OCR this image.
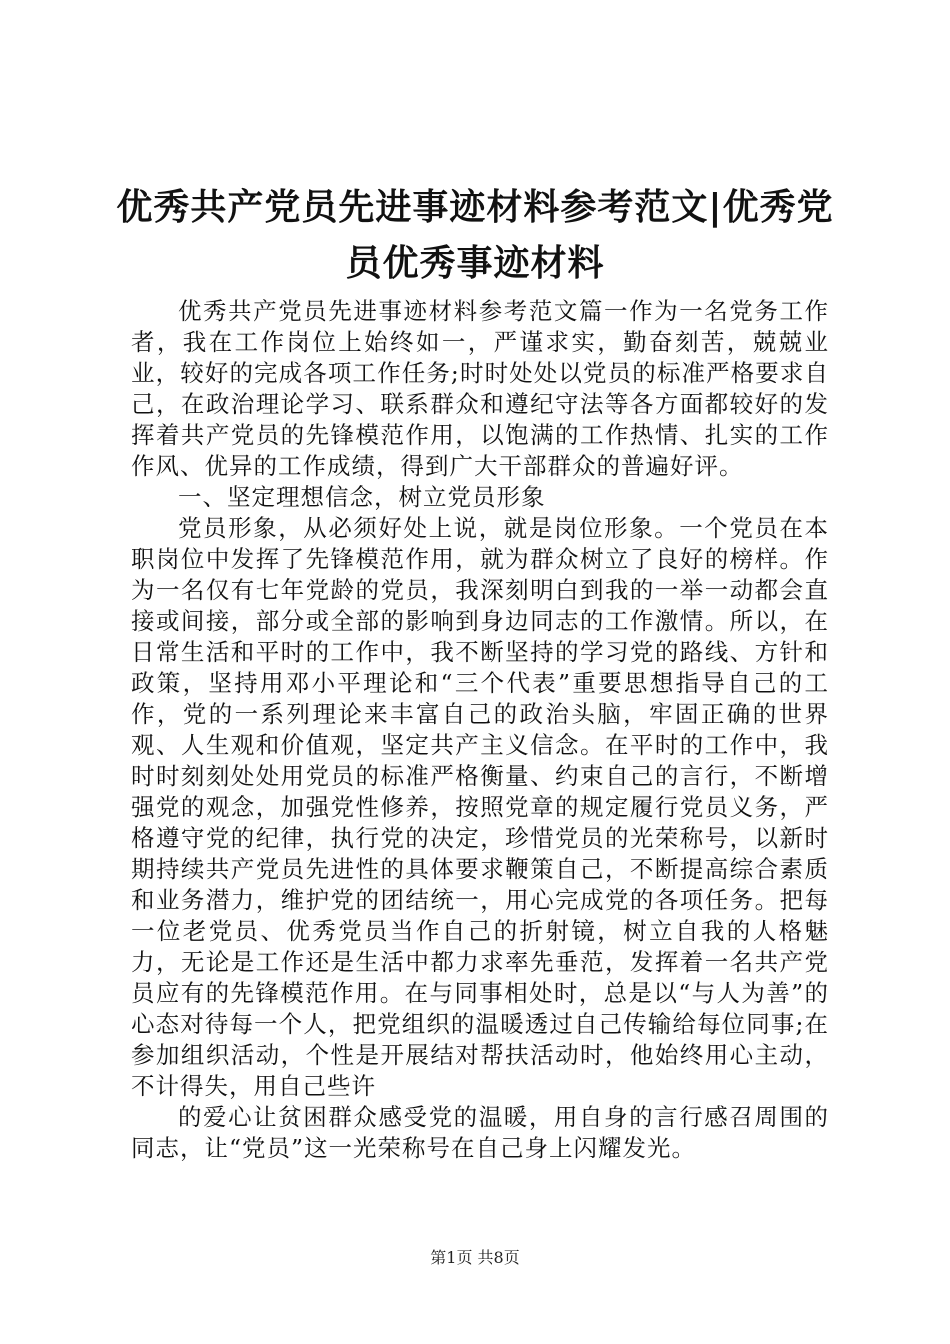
优秀共产党员先进事迹材料参考范文|优秀党员优秀事迹材料

优秀共产党员先进事迹材料参考范文篇一作为一名党务工作者，我在工作岗位上始终如一，严谨求实，勤奋刻苦，兢兢业业，较好的完成各项工作任务;时时处处以党员的标准严格要求自己，在政治理论学习、联系群众和遵纪守法等各方面都较好的发挥着共产党员的先锋模范作用，以饱满的工作热情、扎实的工作作风、优异的工作成绩，得到广大干部群众的普遍好评。

一、坚定理想信念，树立党员形象

党员形象，从必须好处上说，就是岗位形象。一个党员在本职岗位中发挥了先锋模范作用，就为群众树立了良好的榜样。作为一名仅有七年党龄的党员，我深刻明白到我的一举一动都会直接或间接，部分或全部的影响到身边同志的工作激情。所以，在日常生活和平时的工作中，我不断坚持的学习党的路线、方针和政策，坚持用邓小平理论和“三个代表”重要思想指导自己的工作，党的一系列理论来丰富自己的政治头脑，牢固正确的世界观、人生观和价值观，坚定共产主义信念。在平时的工作中，我时时刻刻处处用党员的标准严格衡量、约束自己的言行，不断增强党的观念，加强党性修养，按照党章的规定履行党员义务，严格遵守党的纪律，执行党的决定，珍惜党员的光荣称号，以新时期持续共产党员先进性的具体要求鞭策自己，不断提高综合素质和业务潜力，维护党的团结统一，用心完成党的各项任务。把每一位老党员、优秀党员当作自己的折射镜，树立自我的人格魅力，无论是工作还是生活中都力求率先垂范，发挥着一名共产党员应有的先锋模范作用。在与同事相处时，总是以“与人为善”的心态对待每一个人，把党组织的温暖透过自己传输给每位同事;在参加组织活动，个性是开展结对帮扶活动时，他始终用心主动，不计得失，用自己些许

的爱心让贫困群众感受党的温暖，用自身的言行感召周围的同志，让“党员”这一光荣称号在自己身上闪耀发光。

第1页 共8页
